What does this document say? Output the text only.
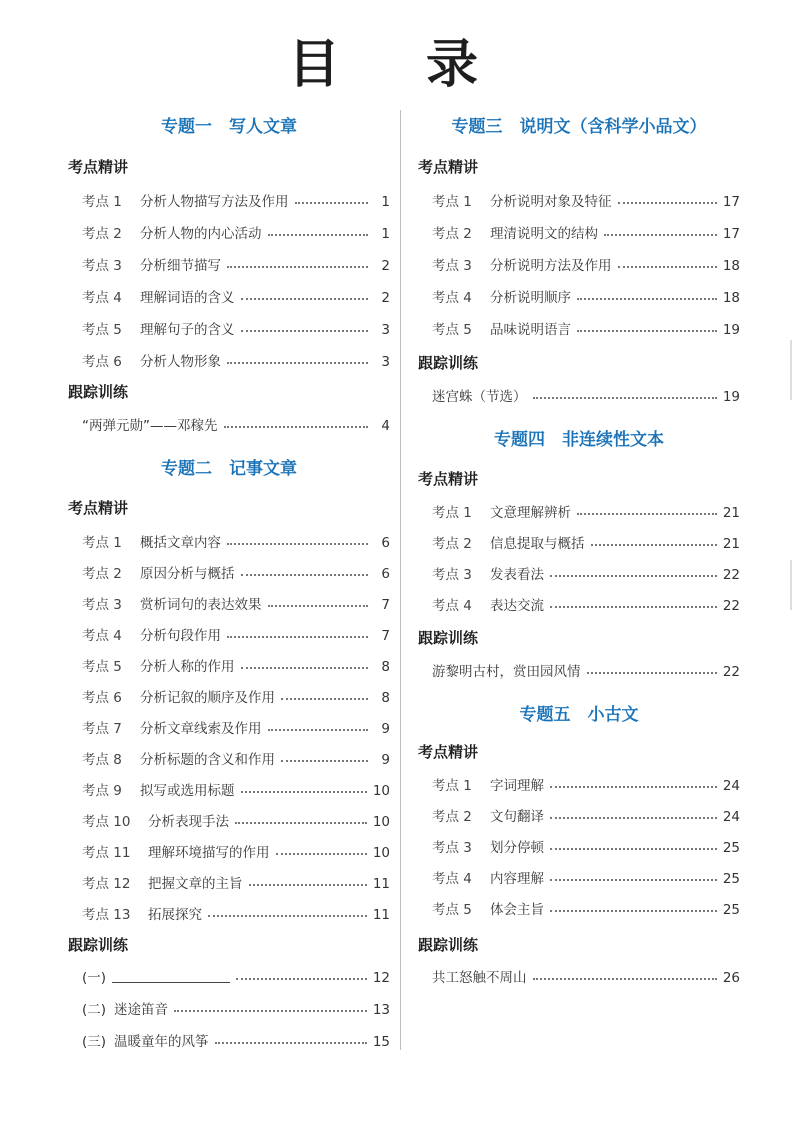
目 录
专题一　写人文章
考点精讲
考点 1	分析人物描写方法及作用	1
考点 2	分析人物的内心活动	1
考点 3	分析细节描写	2
考点 4	理解词语的含义	2
考点 5	理解句子的含义	3
考点 6	分析人物形象	3
跟踪训练
“两弹元勋”——邓稼先	4
专题二　记事文章
考点精讲
考点 1	概括文章内容	6
考点 2	原因分析与概括	6
考点 3	赏析词句的表达效果	7
考点 4	分析句段作用	7
考点 5	分析人称的作用	8
考点 6	分析记叙的顺序及作用	8
考点 7	分析文章线索及作用	9
考点 8	分析标题的含义和作用	9
考点 9	拟写或选用标题	10
考点 10	分析表现手法	10
考点 11	理解环境描写的作用	10
考点 12	把握文章的主旨	11
考点 13	拓展探究	11
跟踪训练
(一)	12
(二) 迷途笛音	13
(三) 温暖童年的风筝	15
专题三　说明文（含科学小品文）
考点精讲
考点 1	分析说明对象及特征	17
考点 2	理清说明文的结构	17
考点 3	分析说明方法及作用	18
考点 4	分析说明顺序	18
考点 5	品味说明语言	19
跟踪训练
迷宫蛛（节选）	19
专题四　非连续性文本
考点精讲
考点 1	文意理解辨析	21
考点 2	信息提取与概括	21
考点 3	发表看法	22
考点 4	表达交流	22
跟踪训练
游黎明古村，赏田园风情	22
专题五　小古文
考点精讲
考点 1	字词理解	24
考点 2	文句翻译	24
考点 3	划分停顿	25
考点 4	内容理解	25
考点 5	体会主旨	25
跟踪训练
共工怒触不周山	26
